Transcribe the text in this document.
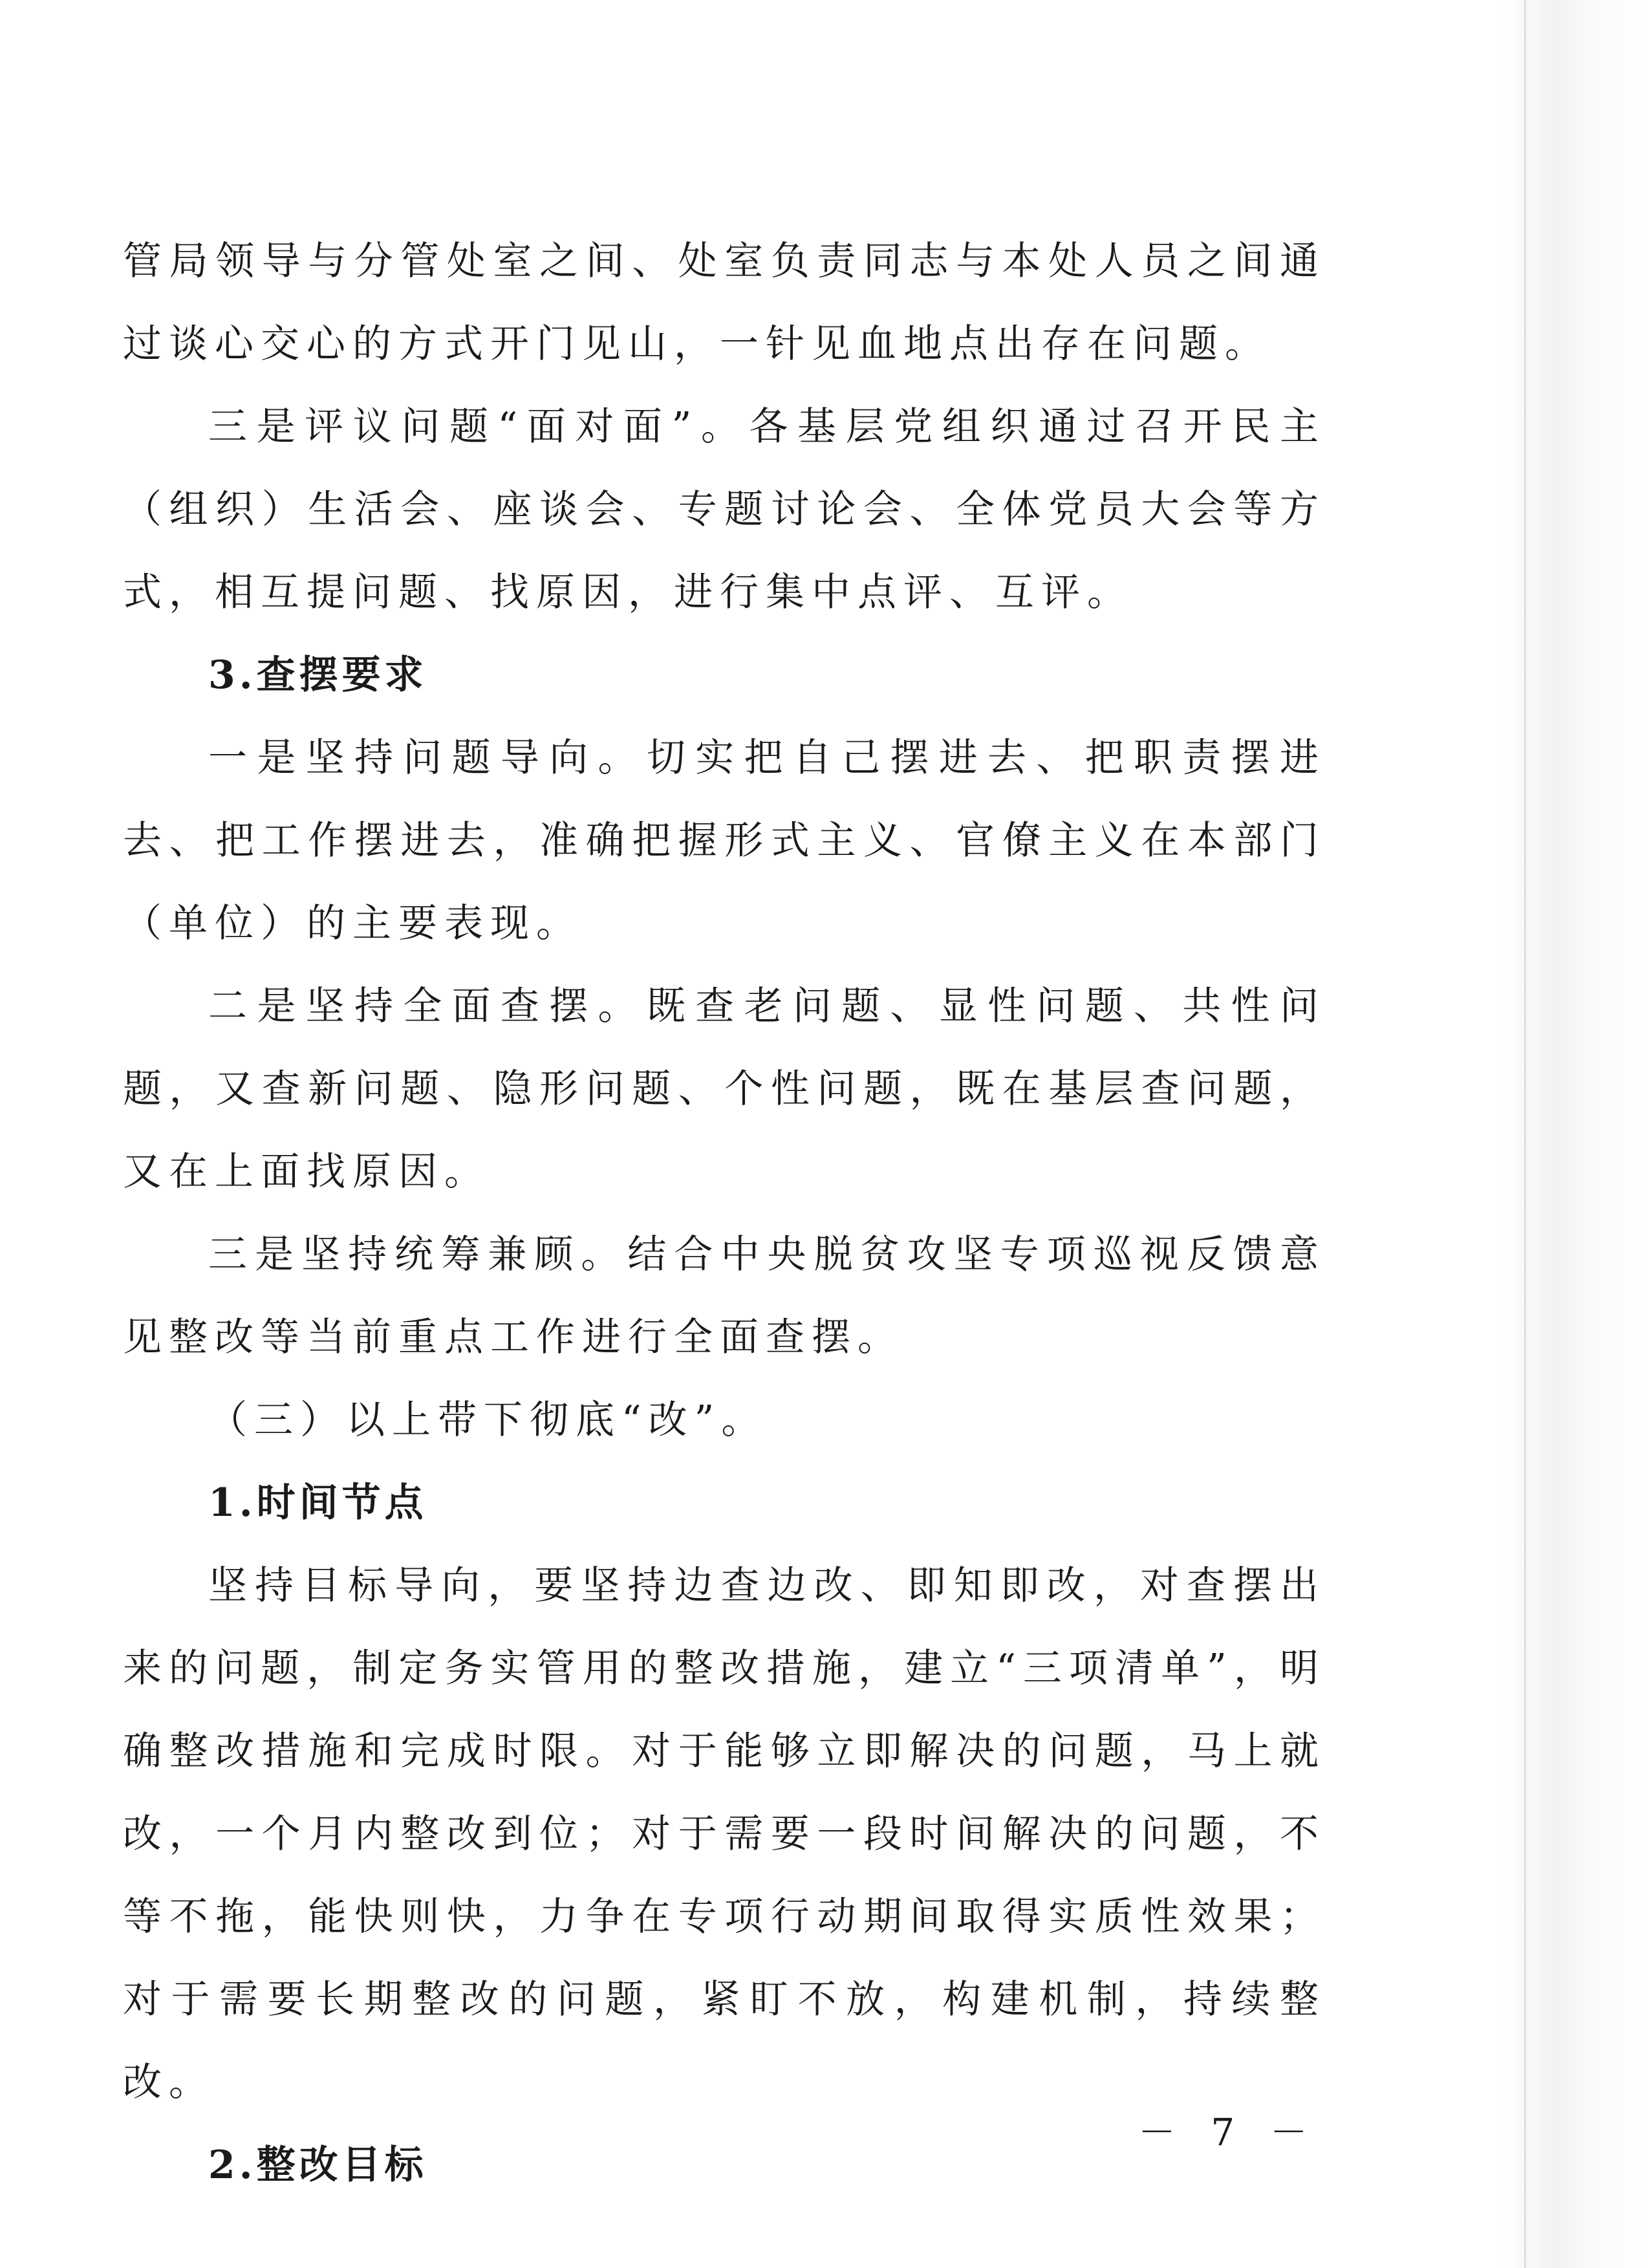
管局领导与分管处室之间、处室负责同志与本处人员之间通过谈心交心的方式开门见山，一针见血地点出存在问题。

三是评议问题“面对面”。各基层党组织通过召开民主（组织）生活会、座谈会、专题讨论会、全体党员大会等方式，相互提问题、找原因，进行集中点评、互评。

3.查摆要求

一是坚持问题导向。切实把自己摆进去、把职责摆进去、把工作摆进去，准确把握形式主义、官僚主义在本部门（单位）的主要表现。

二是坚持全面查摆。既查老问题、显性问题、共性问题，又查新问题、隐形问题、个性问题，既在基层查问题，又在上面找原因。

三是坚持统筹兼顾。结合中央脱贫攻坚专项巡视反馈意见整改等当前重点工作进行全面查摆。

（三）以上带下彻底“改”。

1.时间节点

坚持目标导向，要坚持边查边改、即知即改，对查摆出来的问题，制定务实管用的整改措施，建立“三项清单”，明确整改措施和完成时限。对于能够立即解决的问题，马上就改，一个月内整改到位；对于需要一段时间解决的问题，不等不拖，能快则快，力争在专项行动期间取得实质性效果；对于需要长期整改的问题，紧盯不放，构建机制，持续整改。

2.整改目标

－ 7 －
